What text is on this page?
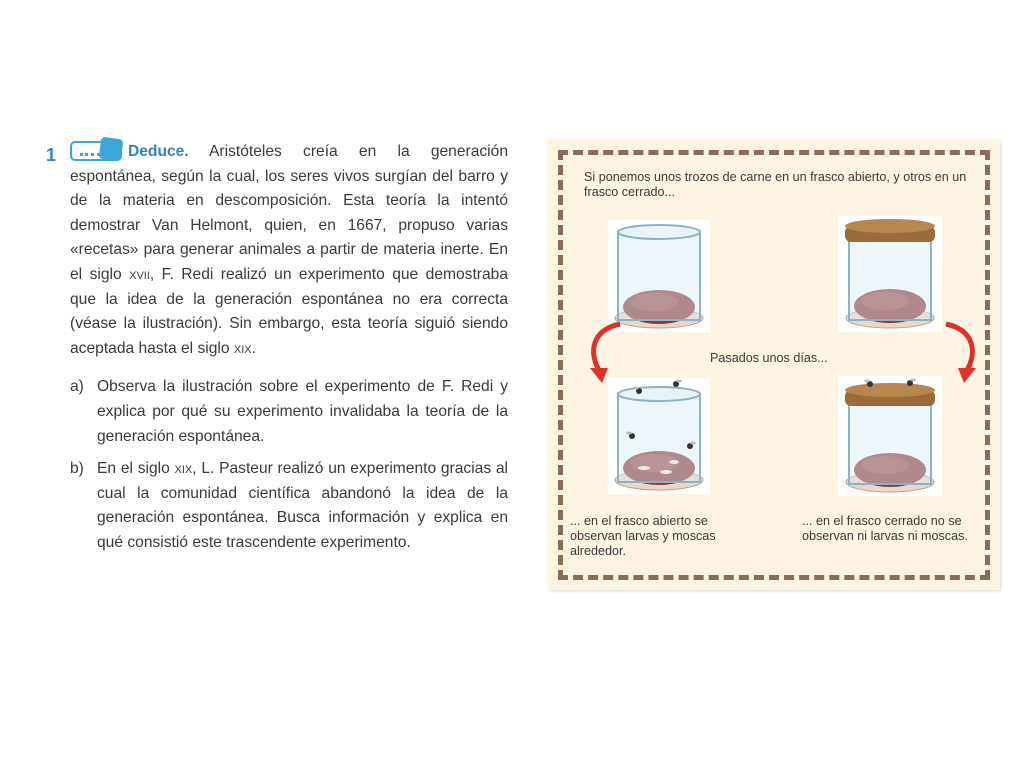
1	Deduce. Aristóteles creía en la generación espontánea, según la cual, los seres vivos surgían del barro y de la materia en descomposición. Esta teoría la intentó demostrar Van Helmont, quien, en 1667, propuso varias «recetas» para generar animales a partir de materia inerte. En el siglo xvii, F. Redi realizó un experimento que demostraba que la idea de la generación espontánea no era correcta (véase la ilustración). Sin embargo, esta teoría siguió siendo aceptada hasta el siglo xix.

a) Observa la ilustración sobre el experimento de F. Redi y explica por qué su experimento invalidaba la teoría de la generación espontánea.
b) En el siglo xix, L. Pasteur realizó un experimento gracias al cual la comunidad científica abandonó la idea de la generación espontánea. Busca información y explica en qué consistió este trascendente experimento.
Si ponemos unos trozos de carne en un frasco abierto, y otros en un frasco cerrado...
Pasados unos días...
... en el frasco abierto se observan larvas y moscas alrededor.
... en el frasco cerrado no se observan ni larvas ni moscas.
